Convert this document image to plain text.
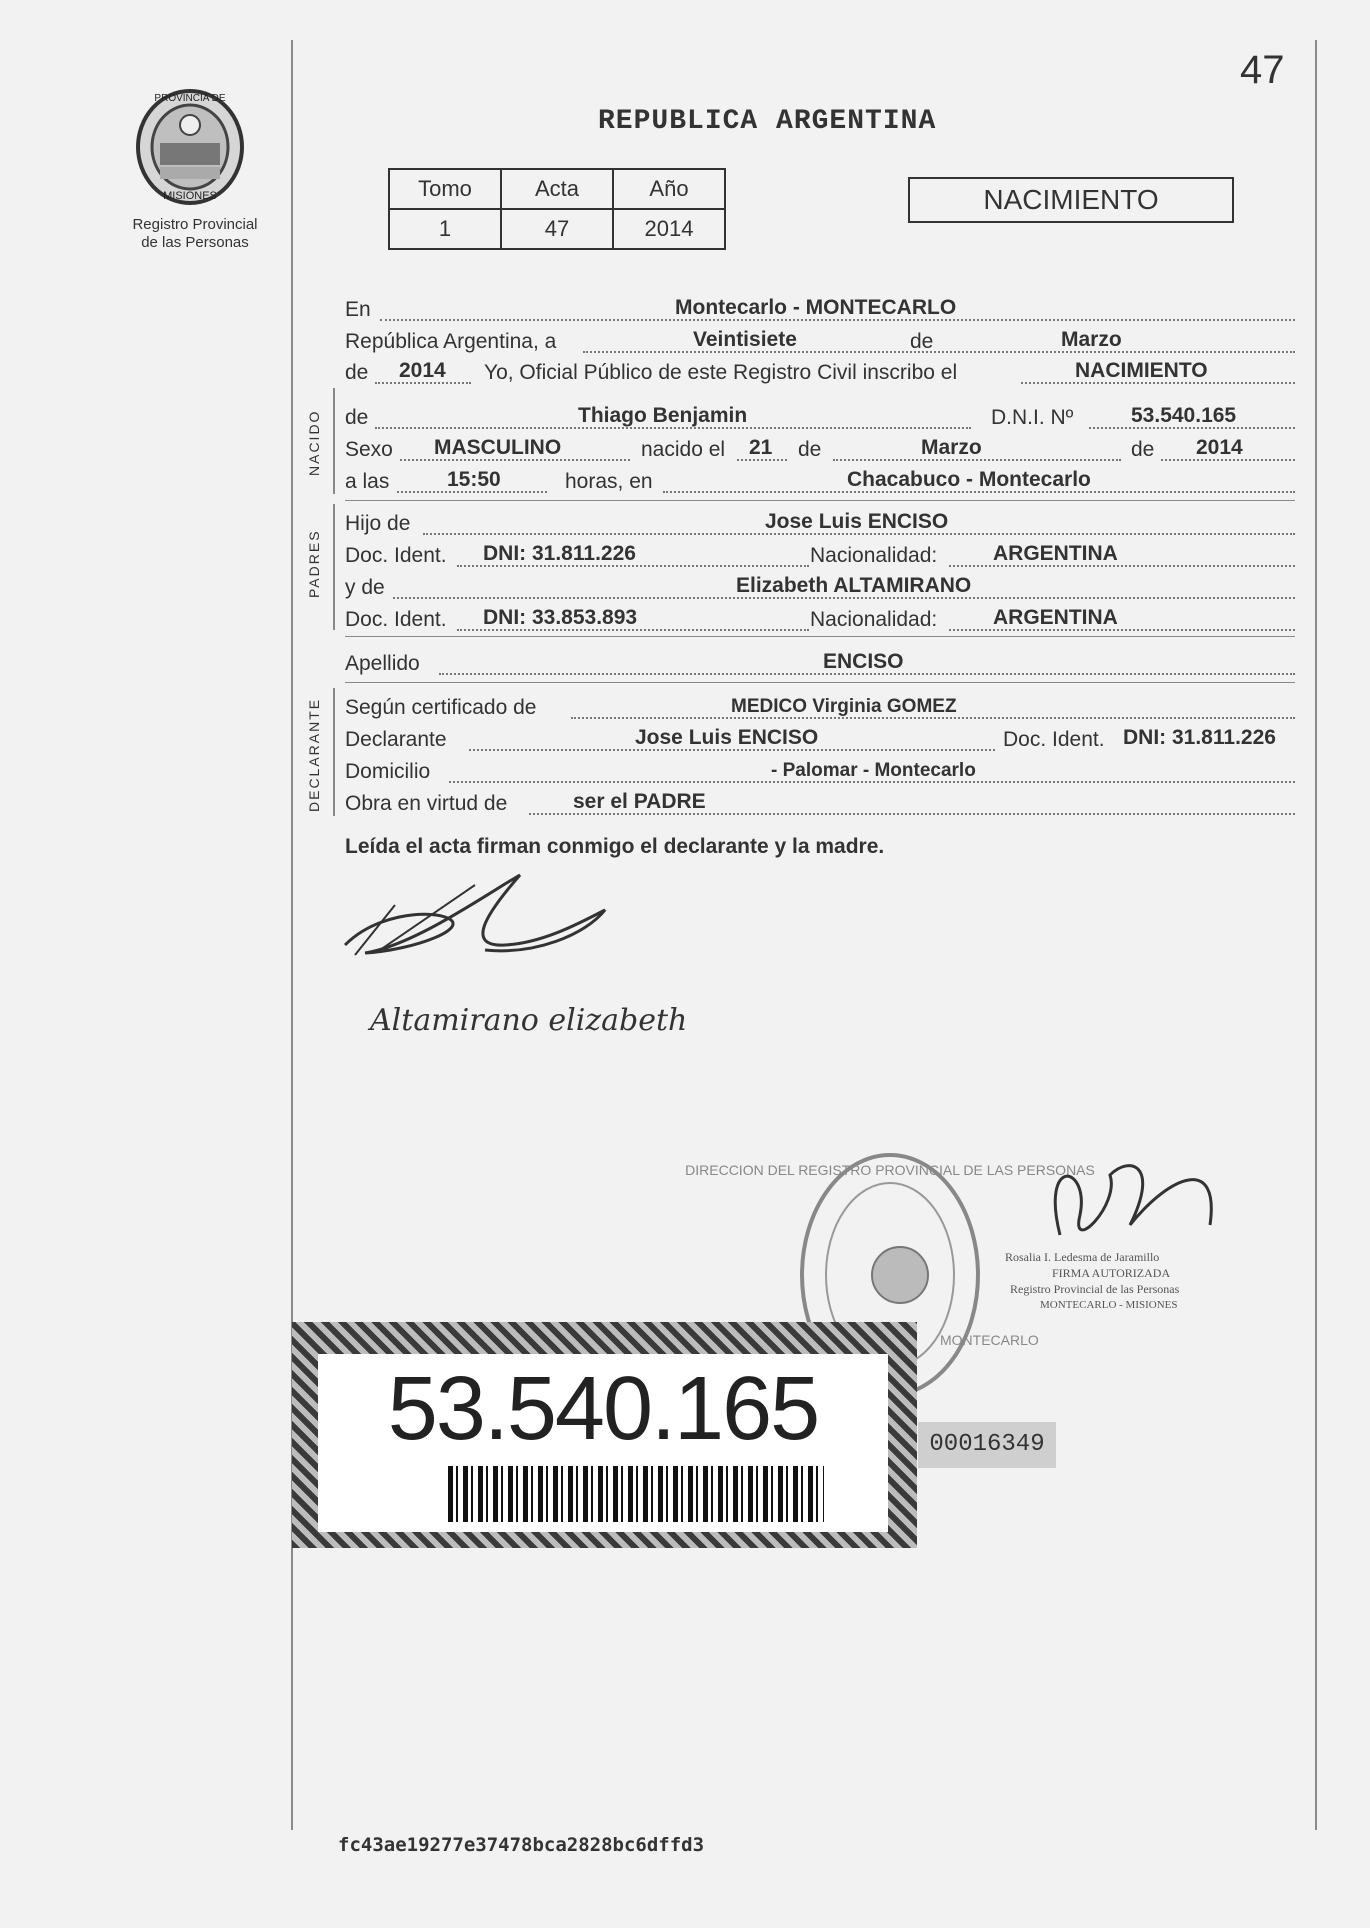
47
REPUBLICA ARGENTINA
PROVINCIA DE
MISIONES
Registro Provincial
de las Personas
Tomo	Acta	Año
1	47	2014
NACIMIENTO
En	Montecarlo - MONTECARLO
República Argentina, a	Veintisiete	de	Marzo
de 2014 Yo, Oficial Público de este Registro Civil inscribo el	NACIMIENTO
NACIDO de	Thiago Benjamin	D.N.I. Nº	53.540.165
Sexo MASCULINO	nacido el 21 de	Marzo	de 2014
a las	15:50	horas, en	Chacabuco - Montecarlo
PADRES
Hijo de	Jose Luis ENCISO
Doc. Ident. DNI: 31.811.226	Nacionalidad:	ARGENTINA
y de	Elizabeth ALTAMIRANO
Doc. Ident. DNI: 33.853.893	Nacionalidad:	ARGENTINA
Apellido	ENCISO
DECLARANTE Según certificado de	MEDICO Virginia GOMEZ
Declarante	Jose Luis ENCISO	Doc. Ident. DNI: 31.811.226
Domicilio	- Palomar - Montecarlo
Obra en virtud de	ser el PADRE
Leída el acta firman conmigo el declarante y la madre.
Altamirano elizabeth
DIRECCION DEL REGISTRO PROVINCIAL DE LAS PERSONAS
MONTECARLO
Rosalia I. Ledesma de Jaramillo
FIRMA AUTORIZADA
Registro Provincial de las Personas
MONTECARLO - MISIONES
53.540.165	00016349
fc43ae19277e37478bca2828bc6dffd3
